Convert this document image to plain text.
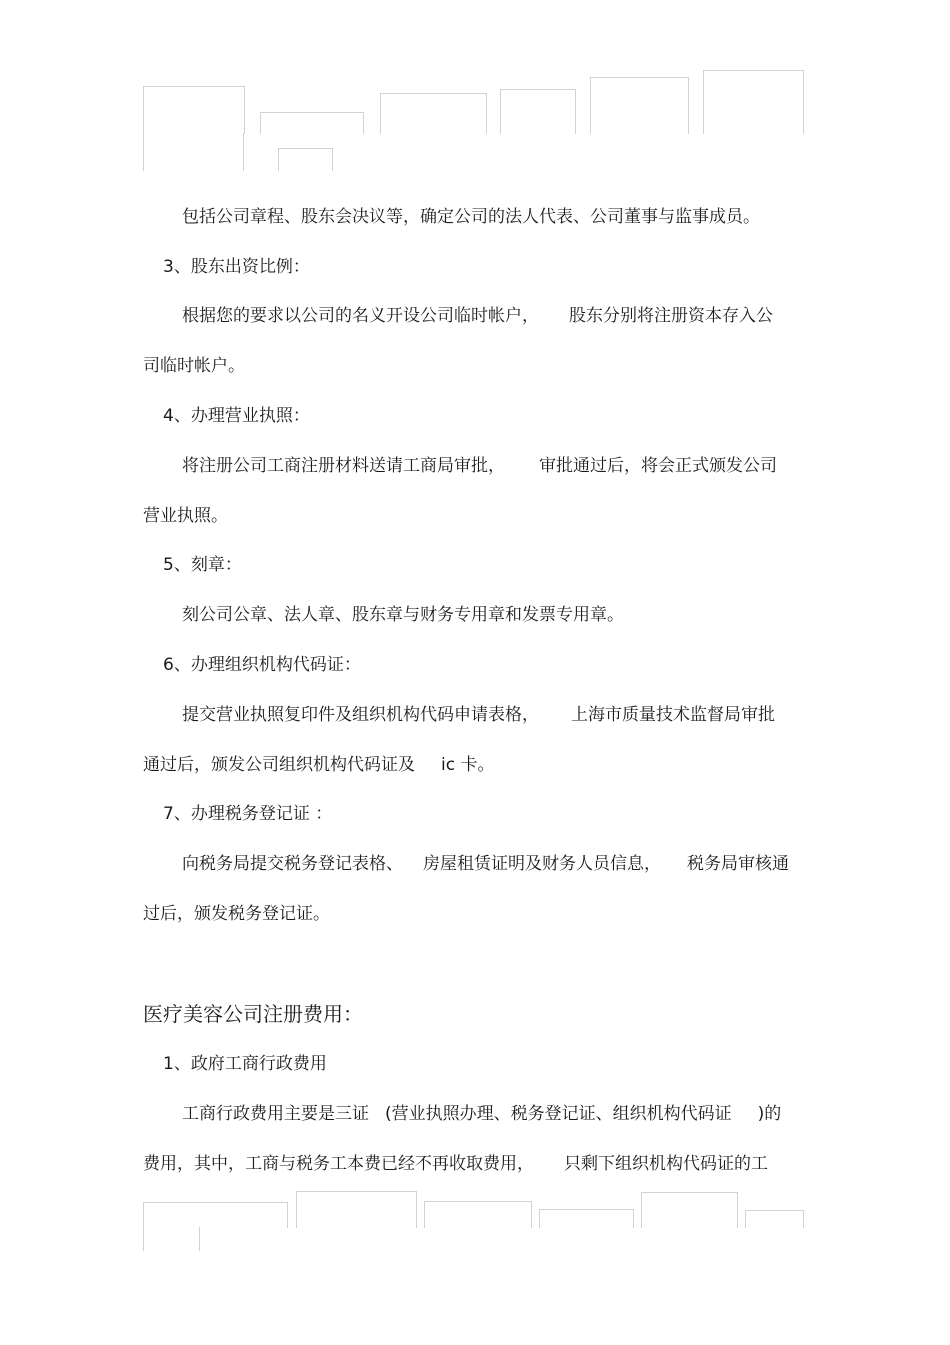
包括公司章程、股东会决议等，确定公司的法人代表、公司董事与监事成员。
3、股东出资比例：
根据您的要求以公司的名义开设公司临时帐户， 股东分别将注册资本存入公
司临时帐户。
4、办理营业执照：
将注册公司工商注册材料送请工商局审批， 审批通过后，将会正式颁发公司
营业执照。
5、刻章：
刻公司公章、法人章、股东章与财务专用章和发票专用章。
6、办理组织机构代码证：
提交营业执照复印件及组织机构代码申请表格， 上海市质量技术监督局审批
通过后，颁发公司组织机构代码证及 ic 卡。
7、办理税务登记证 ：
向税务局提交税务登记表格、 房屋租赁证明及财务人员信息， 税务局审核通
过后，颁发税务登记证。
医疗美容公司注册费用：
1、政府工商行政费用
工商行政费用主要是三证 (营业执照办理、税务登记证、组织机构代码证 )的
费用，其中，工商与税务工本费已经不再收取费用， 只剩下组织机构代码证的工
